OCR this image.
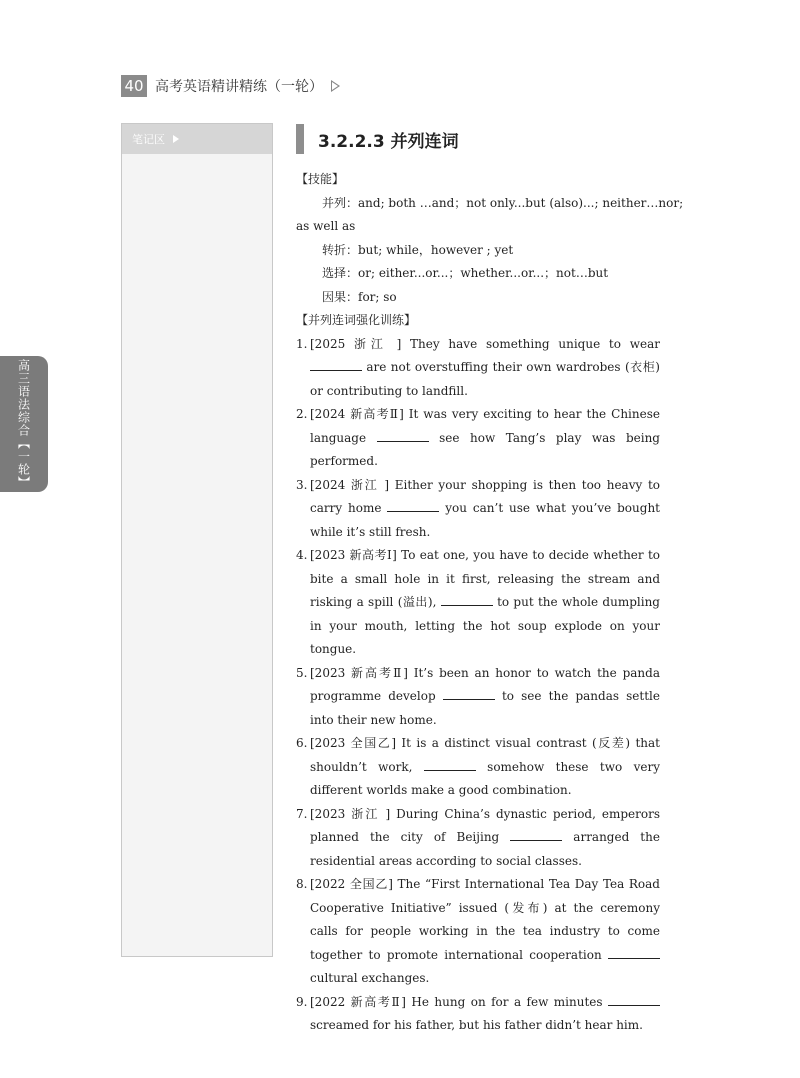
40 高考英语精讲精练（一轮）
笔记区
高三语法综合【一轮】
3.2.2.3 并列连词
【技能】
并列：and; both …and；not only...but (also)...; neither…nor;
as well as
转折：but; while，however ; yet
选择：or; either...or...；whether...or...；not…but
因果：for; so
【并列连词强化训练】
1. [2025 浙江 ] They have something unique to wear  are not overstuffing their own wardrobes (衣柜) or contributing to landfill.
2. [2024 新高考Ⅱ] It was very exciting to hear the Chinese language	see how Tang’s play was being performed.
3. [2024 浙江 ] Either your shopping is then too heavy to carry home	you can’t use what you’ve bought while it’s still fresh.
4. [2023 新高考Ⅰ] To eat one, you have to decide whether to bite a small hole in it first, releasing the stream and risking a spill (溢出),	to put the whole dumpling in your mouth, letting the hot soup explode on your tongue.
5. [2023 新高考Ⅱ] It’s been an honor to watch the panda programme develop	to see the pandas settle into their new home.
6. [2023 全国乙] It is a distinct visual contrast (反差) that shouldn’t work,	somehow these two very different worlds make a good combination.
7. [2023 浙江 ] During China’s dynastic period, emperors planned the city of Beijing	arranged the residential areas according to social classes.
8. [2022 全国乙] The “First International Tea Day Tea Road Cooperative Initiative” issued (发布) at the ceremony calls for people working in the tea industry to come together to promote international cooperation  cultural exchanges.
9. [2022 新高考Ⅱ] He hung on for a few minutes  screamed for his father, but his father didn’t hear him.
